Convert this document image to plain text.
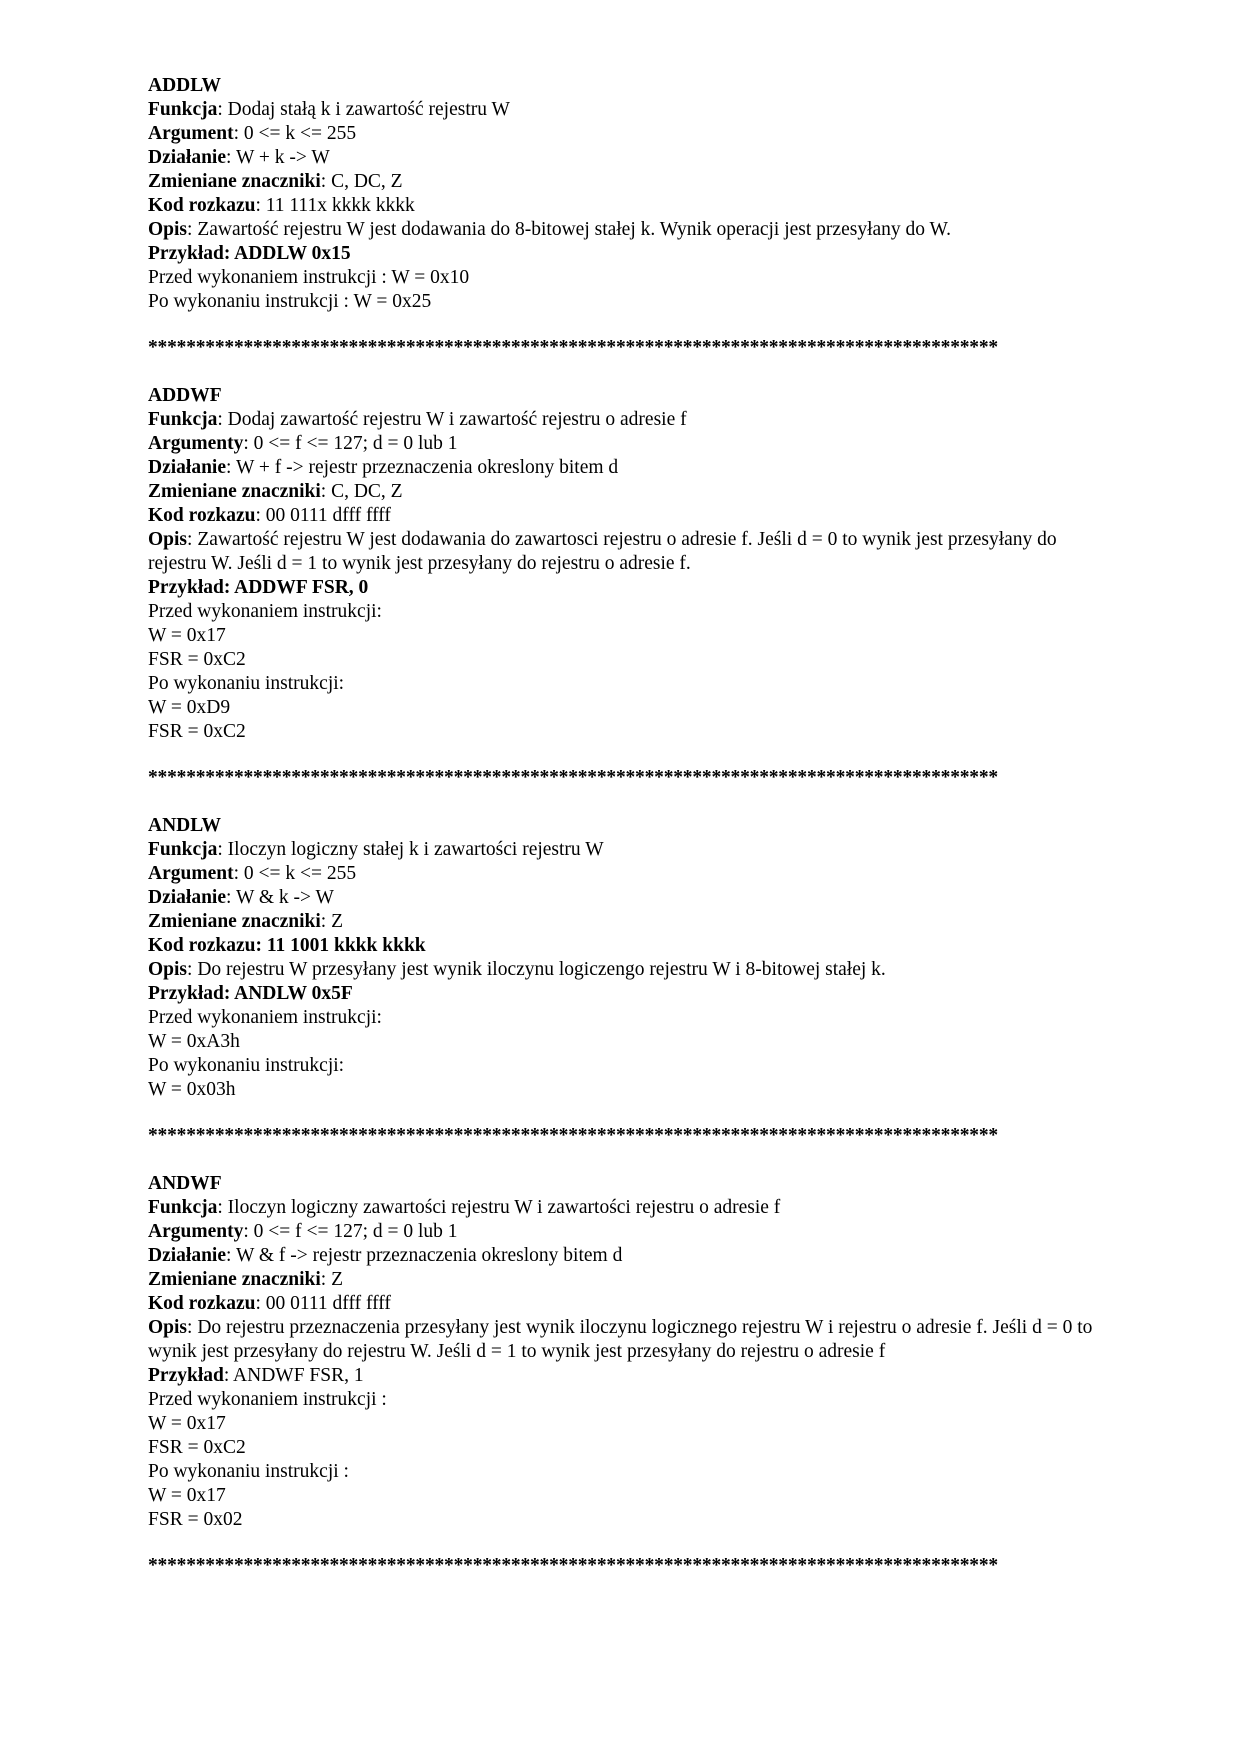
ADDLW
Funkcja: Dodaj stałą k i zawartość rejestru W
Argument: 0 <= k <= 255
Działanie: W + k -> W
Zmieniane znaczniki: C, DC, Z
Kod rozkazu: 11 111x kkkk kkkk
Opis: Zawartość rejestru W jest dodawania do 8-bitowej stałej k. Wynik operacji jest przesyłany do W.
Przykład: ADDLW 0x15
Przed wykonaniem instrukcji : W = 0x10
Po wykonaniu instrukcji : W = 0x25
*****************************************************************************************
ADDWF
Funkcja: Dodaj zawartość rejestru W i zawartość rejestru o adresie f
Argumenty: 0 <= f <= 127; d = 0 lub 1
Działanie: W + f -> rejestr przeznaczenia okreslony bitem d
Zmieniane znaczniki: C, DC, Z
Kod rozkazu: 00 0111 dfff ffff
Opis: Zawartość rejestru W jest dodawania do zawartosci rejestru o adresie f. Jeśli d = 0 to wynik jest przesyłany do rejestru W. Jeśli d = 1 to wynik jest przesyłany do rejestru o adresie f.
Przykład: ADDWF FSR, 0
Przed wykonaniem instrukcji:
W = 0x17
FSR = 0xC2
Po wykonaniu instrukcji:
W = 0xD9
FSR = 0xC2
*****************************************************************************************
ANDLW
Funkcja: Iloczyn logiczny stałej k i zawartości rejestru W
Argument: 0 <= k <= 255
Działanie: W & k -> W
Zmieniane znaczniki: Z
Kod rozkazu: 11 1001 kkkk kkkk
Opis: Do rejestru W przesyłany jest wynik iloczynu logiczengo rejestru W i 8-bitowej stałej k.
Przykład: ANDLW 0x5F
Przed wykonaniem instrukcji:
W = 0xA3h
Po wykonaniu instrukcji:
W = 0x03h
*****************************************************************************************
ANDWF
Funkcja: Iloczyn logiczny zawartości rejestru W i zawartości rejestru o adresie f
Argumenty: 0 <= f <= 127; d = 0 lub 1
Działanie: W & f -> rejestr przeznaczenia okreslony bitem d
Zmieniane znaczniki: Z
Kod rozkazu: 00 0111 dfff ffff
Opis: Do rejestru przeznaczenia przesyłany jest wynik iloczynu logicznego rejestru W i rejestru o adresie f. Jeśli d = 0 to wynik jest przesyłany do rejestru W. Jeśli d = 1 to wynik jest przesyłany do rejestru o adresie f
Przykład: ANDWF FSR, 1
Przed wykonaniem instrukcji :
W = 0x17
FSR = 0xC2
Po wykonaniu instrukcji :
W = 0x17
FSR = 0x02
*****************************************************************************************
